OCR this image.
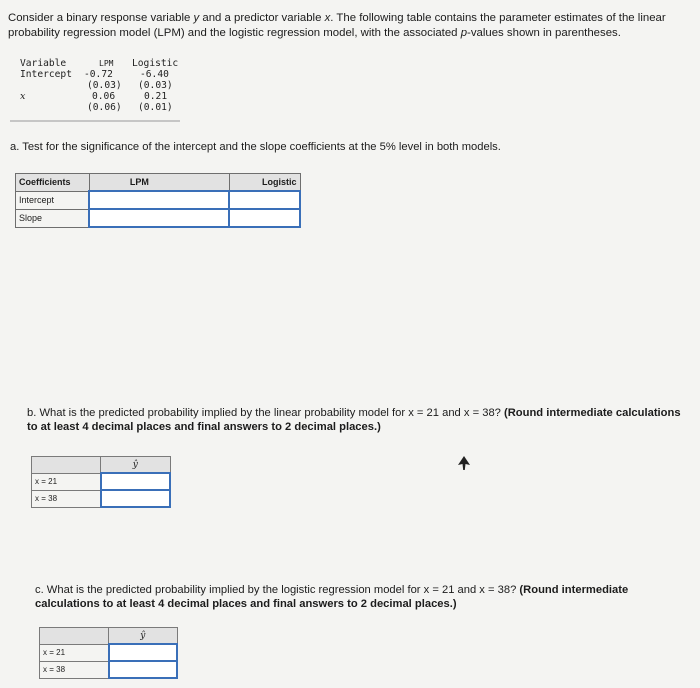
Consider a binary response variable y and a predictor variable x. The following table contains the parameter estimates of the linear probability regression model (LPM) and the logistic regression model, with the associated p-values shown in parentheses.
Variable	LPM Logistic
Intercept -0.72	-6.40
(0.03) (0.03)
x	0.06	0.21
(0.06) (0.01)
a. Test for the significance of the intercept and the slope coefficients at the 5% level in both models.
Coefficients	LPM	Logistic
Intercept		
Slope		
b. What is the predicted probability implied by the linear probability model for x = 21 and x = 38? (Round intermediate calculations to at least 4 decimal places and final answers to 2 decimal places.)
	ŷ
x = 21	
x = 38	
c. What is the predicted probability implied by the logistic regression model for x = 21 and x = 38? (Round intermediate calculations to at least 4 decimal places and final answers to 2 decimal places.)
	ŷ
x = 21	
x = 38	
